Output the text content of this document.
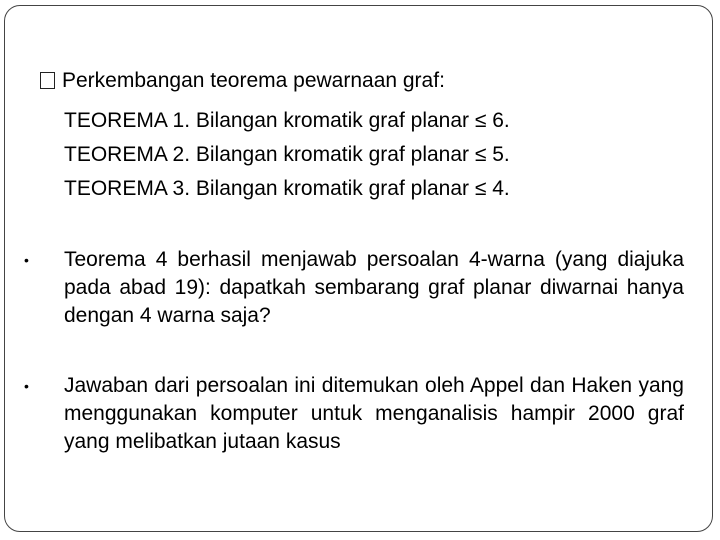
Perkembangan teorema pewarnaan graf:
TEOREMA 1. Bilangan kromatik graf planar ≤ 6.
TEOREMA 2. Bilangan kromatik graf planar ≤ 5.
TEOREMA 3. Bilangan kromatik graf planar ≤ 4.
• Teorema 4 berhasil menjawab persoalan 4-warna (yang diajuka pada abad 19): dapatkah sembarang graf planar diwarnai hanya dengan 4 warna saja?
• Jawaban dari persoalan ini ditemukan oleh Appel dan Haken yang menggunakan komputer untuk menganalisis hampir 2000 graf yang melibatkan jutaan kasus
